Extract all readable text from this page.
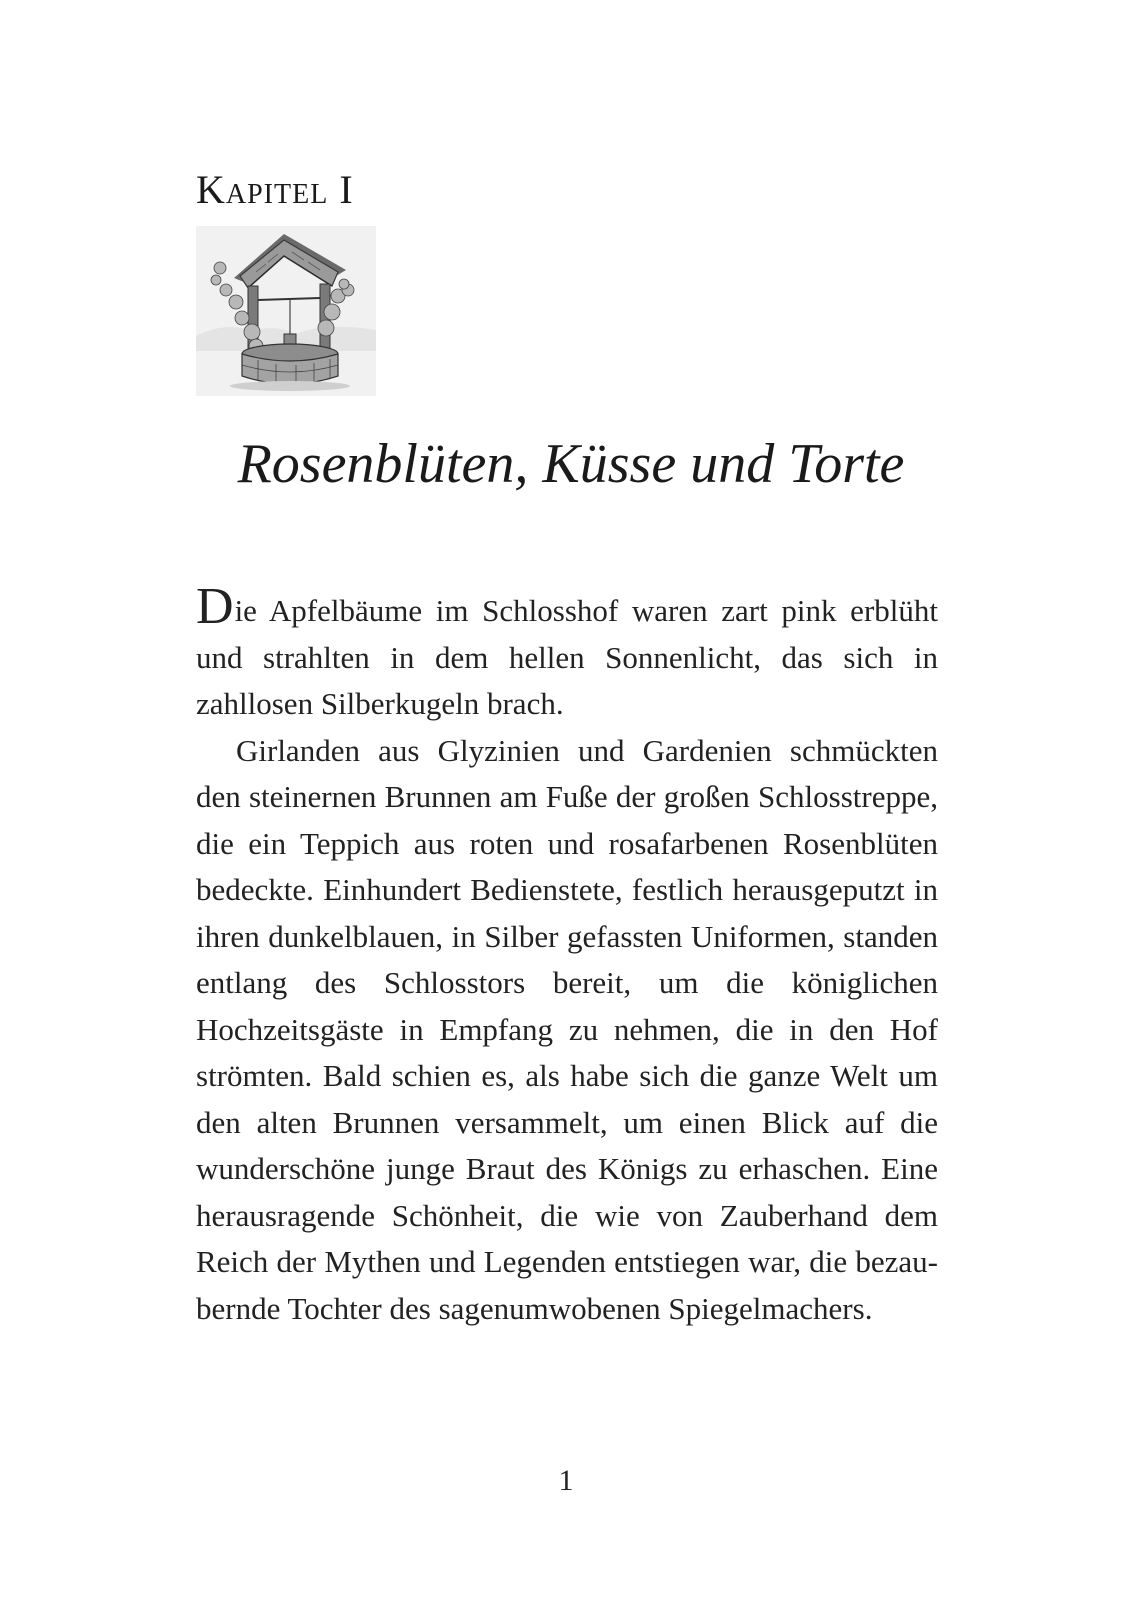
Kapitel I
Rosenblüten, Küsse und Torte

Die Apfelbäume im Schlosshof waren zart pink erblüht und strahlten in dem hellen Sonnenlicht, das sich in zahllosen Silberkugeln brach.

Girlanden aus Glyzinien und Gardenien schmückten den steinernen Brunnen am Fuße der großen Schlosstreppe, die ein Teppich aus roten und rosafarbenen Rosenblüten bedeckte. Einhundert Bedienstete, festlich herausgeputzt in ihren dunkelblauen, in Silber gefassten Uniformen, standen entlang des Schlosstors bereit, um die königlichen Hochzeitsgäste in Empfang zu nehmen, die in den Hof strömten. Bald schien es, als habe sich die ganze Welt um den alten Brunnen versammelt, um einen Blick auf die wunderschöne junge Braut des Königs zu erhaschen. Eine herausragende Schönheit, die wie von Zauberhand dem Reich der Mythen und Legenden entstiegen war, die bezaubernde Tochter des sagenumwobenen Spiegelmachers.

1
